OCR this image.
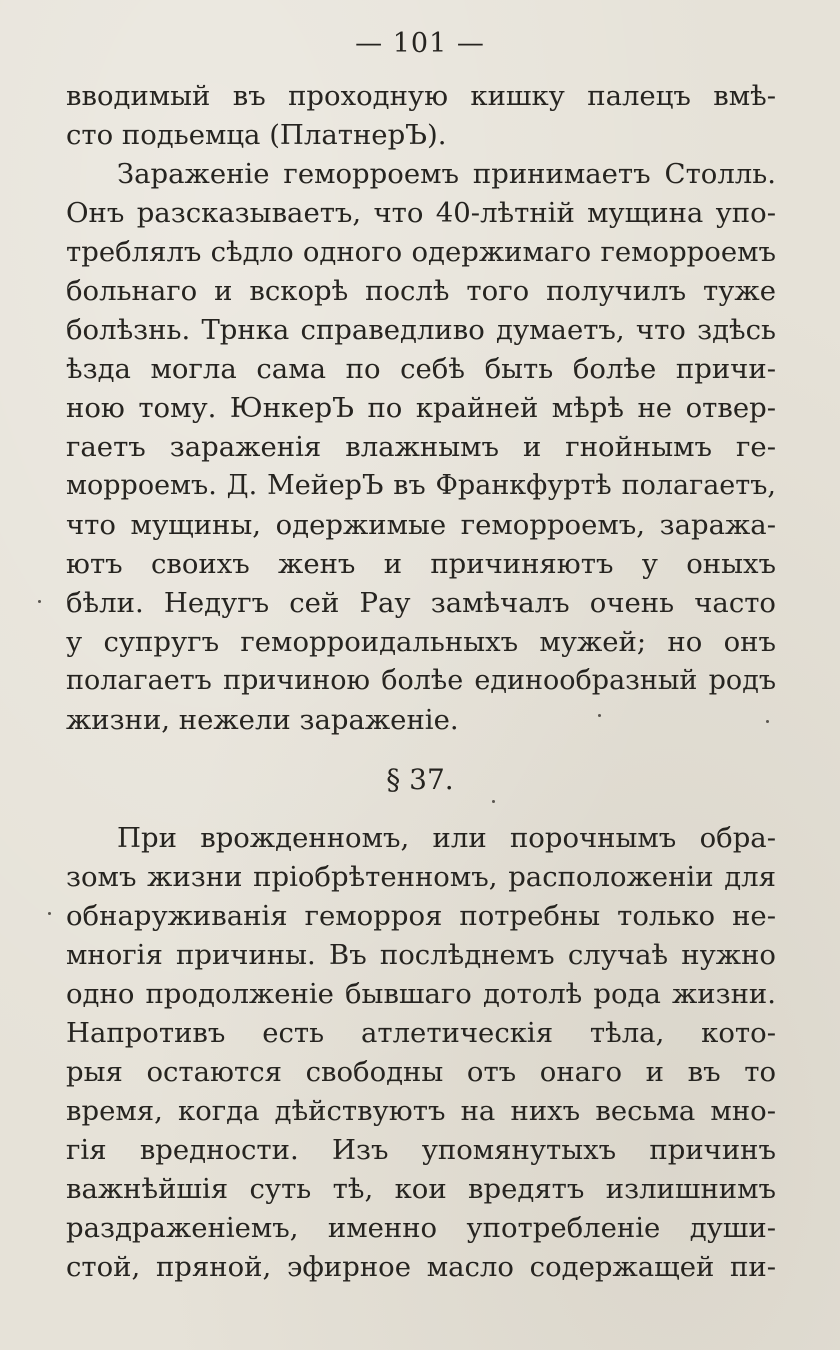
— 101 —
вводимый въ проходную кишку палецъ вмѣ-
сто подьемца (ПлатнерЪ).
Зараженіе геморроемъ принимаетъ Столль.
Онъ разсказываетъ, что 40-лѣтній мущина упо-
треблялъ сѣдло одного одержимаго геморроемъ
больнаго и вскорѣ послѣ того получилъ тужe
болѣзнь. Трнка справедливо думаетъ, что здѣсь
ѣзда могла сама по себѣ быть болѣе причи-
ною тому. ЮнкерЪ по крайней мѣрѣ не отвер-
гаетъ зараженія влажнымъ и гнойнымъ ге-
морроемъ. Д. МейерЪ въ Франкфуртѣ полагаетъ,
что мущины, одержимые геморроемъ, заража-
ютъ своихъ женъ и причиняютъ у оныхъ
бѣли. Недугъ сей Рау замѣчалъ очень часто
у супругъ геморроидальныхъ мужей; но онъ
полагаетъ причиною болѣе единообразный родъ
жизни, нежели зараженіе.
§ 37.
При врожденномъ, или порочнымъ обра-
зомъ жизни пріобрѣтенномъ, расположеніи для
обнаруживанія геморроя потребны только не-
многія причины. Въ послѣднемъ случаѣ нужно
одно продолженіе бывшаго дотолѣ рода жизни.
Напротивъ есть атлетическія тѣла, кото-
рыя остаются свободны отъ онаго и въ то
время, когда дѣйствуютъ на нихъ весьма мно-
гія вредности. Изъ упомянутыхъ причинъ
важнѣйшія суть тѣ, кои вредятъ излишнимъ
раздраженіемъ, именно употребленіе души-
стой, пряной, эфирное масло содержащей пи-
